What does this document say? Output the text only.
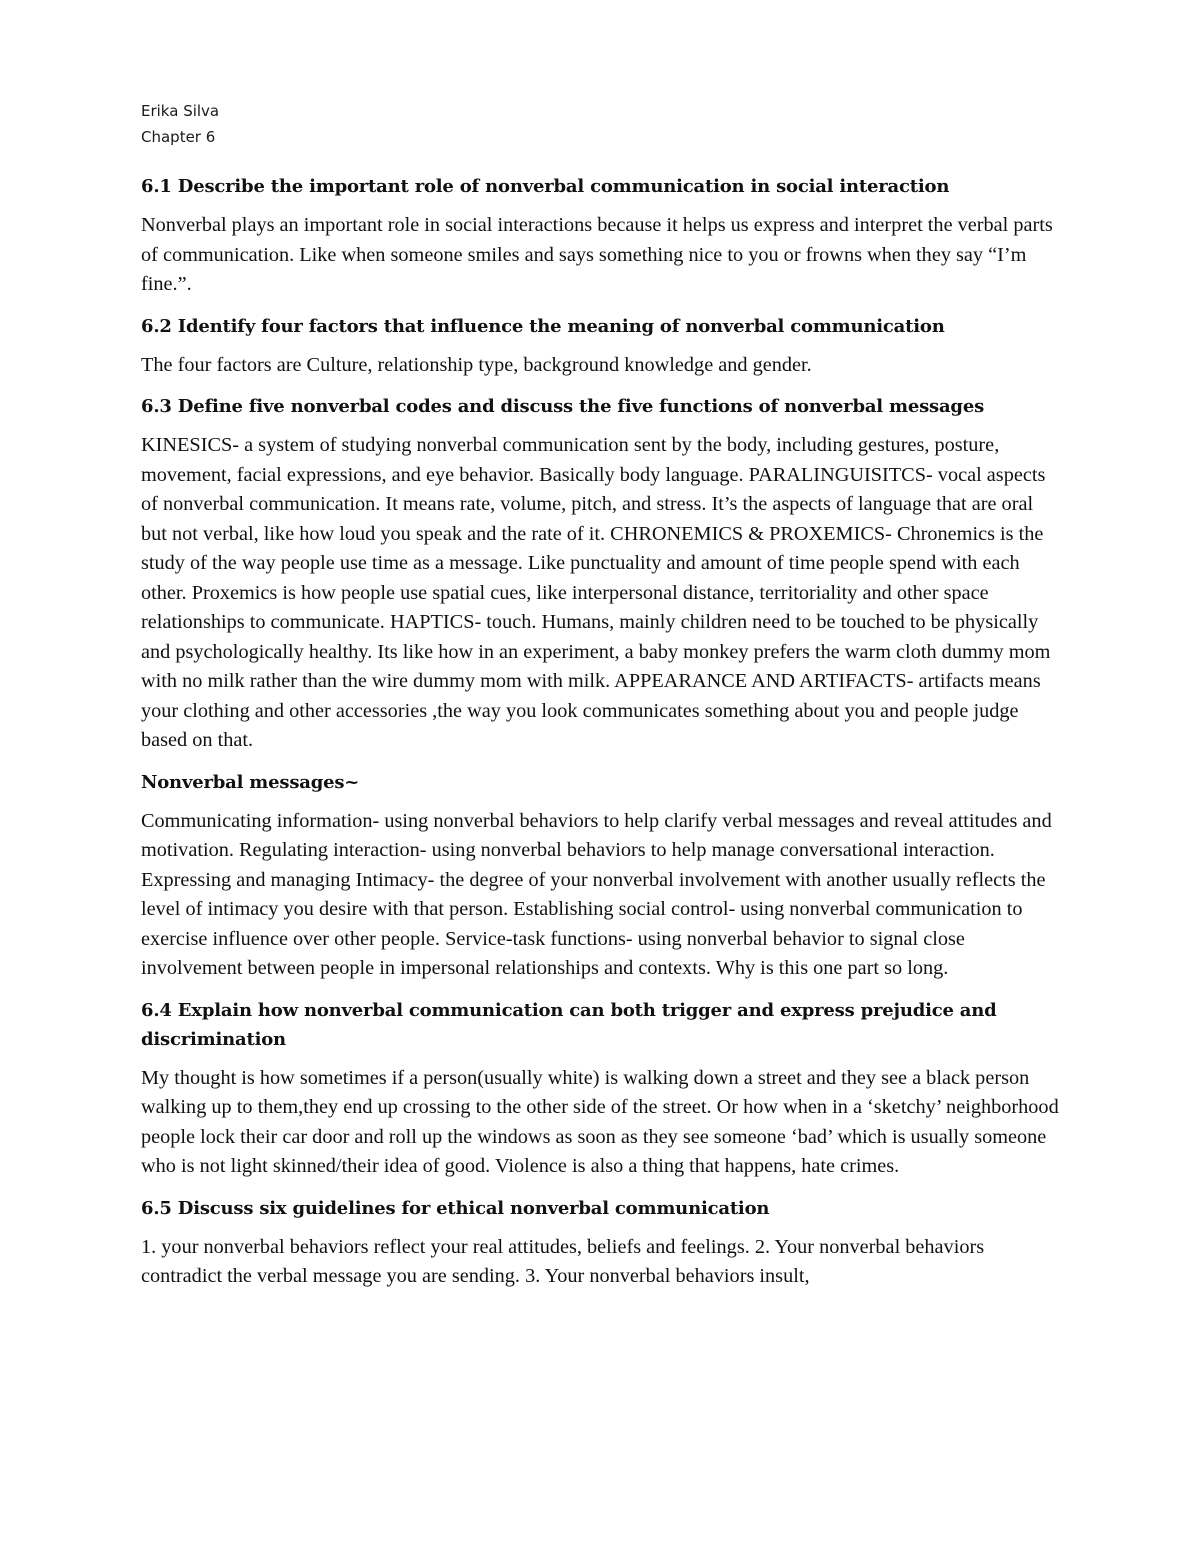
Erika Silva

Chapter 6

6.1 Describe the important role of nonverbal communication in social interaction

Nonverbal plays an important role in social interactions because it helps us express and interpret the verbal parts of communication. Like when someone smiles and says something nice to you or frowns when they say “I’m fine.”.

6.2 Identify four factors that influence the meaning of nonverbal communication

The four factors are Culture, relationship type, background knowledge and gender.

6.3 Define five nonverbal codes and discuss the five functions of nonverbal messages

KINESICS- a system of studying nonverbal communication sent by the body, including gestures, posture, movement, facial expressions, and eye behavior. Basically body language. PARALINGUISITCS- vocal aspects of nonverbal communication. It means rate, volume, pitch, and stress. It’s the aspects of language that are oral but not verbal, like how loud you speak and the rate of it. CHRONEMICS & PROXEMICS- Chronemics is the study of the way people use time as a message. Like punctuality and amount of time people spend with each other. Proxemics is how people use spatial cues, like interpersonal distance, territoriality and other space relationships to communicate. HAPTICS- touch. Humans, mainly children need to be touched to be physically and psychologically healthy. Its like how in an experiment, a baby monkey prefers the warm cloth dummy mom with no milk rather than the wire dummy mom with milk. APPEARANCE AND ARTIFACTS- artifacts means your clothing and other accessories ,the way you look communicates something about you and people judge based on that.

Nonverbal messages~

Communicating information- using nonverbal behaviors to help clarify verbal messages and reveal attitudes and motivation. Regulating interaction- using nonverbal behaviors to help manage conversational interaction. Expressing and managing Intimacy- the degree of your nonverbal involvement with another usually reflects the level of intimacy you desire with that person. Establishing social control- using nonverbal communication to exercise influence over other people. Service-task functions- using nonverbal behavior to signal close involvement between people in impersonal relationships and contexts. Why is this one part so long.

6.4 Explain how nonverbal communication can both trigger and express prejudice and discrimination

My thought is how sometimes if a person(usually white) is walking down a street and they see a black person walking up to them,they end up crossing to the other side of the street. Or how when in a ‘sketchy’ neighborhood people lock their car door and roll up the windows as soon as they see someone ‘bad’ which is usually someone who is not light skinned/their idea of good. Violence is also a thing that happens, hate crimes.

6.5 Discuss six guidelines for ethical nonverbal communication

1. your nonverbal behaviors reflect your real attitudes, beliefs and feelings. 2. Your nonverbal behaviors contradict the verbal message you are sending. 3. Your nonverbal behaviors insult,
